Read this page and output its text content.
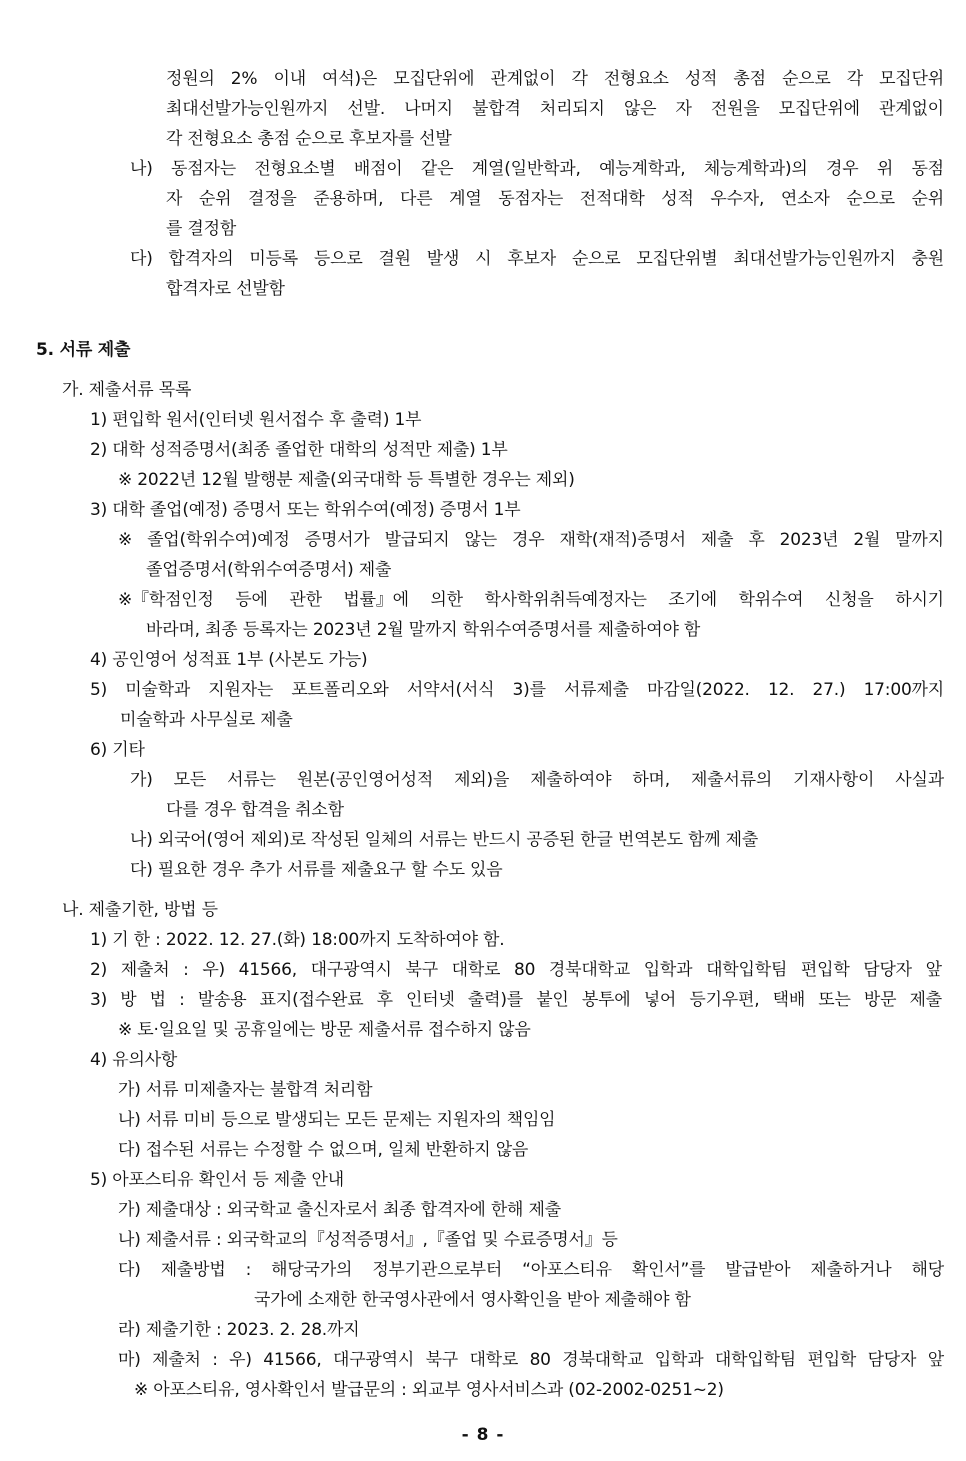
- 8 -
정원의 2% 이내 여석)은 모집단위에 관계없이 각 전형요소 성적 총점 순으로 각 모집단위
최대선발가능인원까지 선발. 나머지 불합격 처리되지 않은 자 전원을 모집단위에 관계없이
각 전형요소 총점 순으로 후보자를 선발
나) 동점자는 전형요소별 배점이 같은 계열(일반학과, 예능계학과, 체능계학과)의 경우 위 동점
자 순위 결정을 준용하며, 다른 계열 동점자는 전적대학 성적 우수자, 연소자 순으로 순위
를 결정함
다) 합격자의 미등록 등으로 결원 발생 시 후보자 순으로 모집단위별 최대선발가능인원까지 충원
합격자로 선발함
5. 서류 제출
가. 제출서류 목록
1) 편입학 원서(인터넷 원서접수 후 출력) 1부
2) 대학 성적증명서(최종 졸업한 대학의 성적만 제출) 1부
※ 2022년 12월 발행분 제출(외국대학 등 특별한 경우는 제외)
3) 대학 졸업(예정) 증명서 또는 학위수여(예정) 증명서 1부
※ 졸업(학위수여)예정 증명서가 발급되지 않는 경우 재학(재적)증명서 제출 후 2023년 2월 말까지
졸업증명서(학위수여증명서) 제출
※『학점인정 등에 관한 법률』에 의한 학사학위취득예정자는 조기에 학위수여 신청을 하시기
바라며, 최종 등록자는 2023년 2월 말까지 학위수여증명서를 제출하여야 함
4) 공인영어 성적표 1부 (사본도 가능)
5) 미술학과 지원자는 포트폴리오와 서약서(서식 3)를 서류제출 마감일(2022. 12. 27.) 17:00까지
미술학과 사무실로 제출
6) 기타
가) 모든 서류는 원본(공인영어성적 제외)을 제출하여야 하며, 제출서류의 기재사항이 사실과
다를 경우 합격을 취소함
나) 외국어(영어 제외)로 작성된 일체의 서류는 반드시 공증된 한글 번역본도 함께 제출
다) 필요한 경우 추가 서류를 제출요구 할 수도 있음
나. 제출기한, 방법 등
1) 기 한 : 2022. 12. 27.(화) 18:00까지 도착하여야 함.
2) 제출처 : 우) 41566, 대구광역시 북구 대학로 80 경북대학교 입학과 대학입학팀 편입학 담당자 앞
3) 방 법 : 발송용 표지(접수완료 후 인터넷 출력)를 붙인 봉투에 넣어 등기우편, 택배 또는 방문 제출
※ 토·일요일 및 공휴일에는 방문 제출서류 접수하지 않음
4) 유의사항
가) 서류 미제출자는 불합격 처리함
나) 서류 미비 등으로 발생되는 모든 문제는 지원자의 책임임
다) 접수된 서류는 수정할 수 없으며, 일체 반환하지 않음
5) 아포스티유 확인서 등 제출 안내
가) 제출대상 : 외국학교 출신자로서 최종 합격자에 한해 제출
나) 제출서류 : 외국학교의『성적증명서』,『졸업 및 수료증명서』등
다) 제출방법 : 해당국가의 정부기관으로부터 “아포스티유 확인서”를 발급받아 제출하거나 해당
국가에 소재한 한국영사관에서 영사확인을 받아 제출해야 함
라) 제출기한 : 2023. 2. 28.까지
마) 제출처 : 우) 41566, 대구광역시 북구 대학로 80 경북대학교 입학과 대학입학팀 편입학 담당자 앞
※ 아포스티유, 영사확인서 발급문의 : 외교부 영사서비스과 (02-2002-0251~2)
